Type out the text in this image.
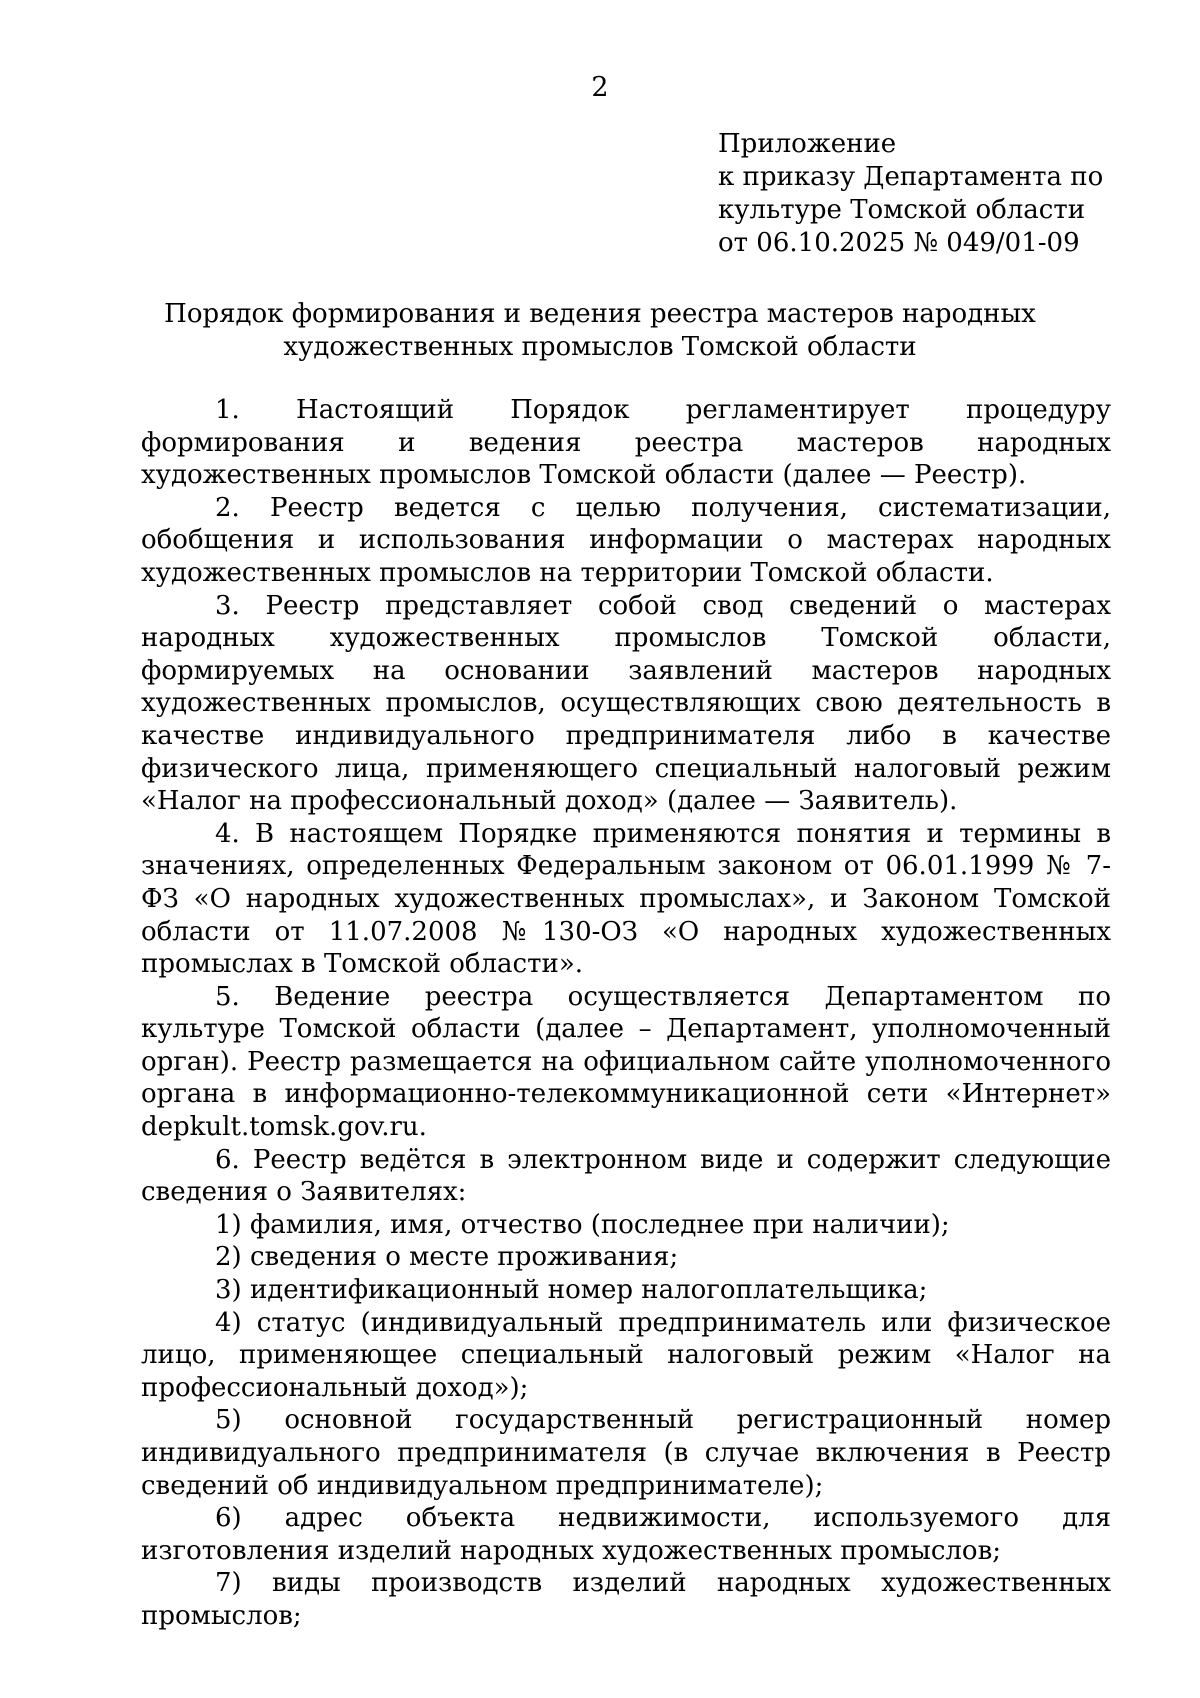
2
Приложение
к приказу Департамента по
культуре Томской области
от 06.10.2025 № 049/01-09
Порядок формирования и ведения реестра мастеров народных
художественных промыслов Томской области

1. Настоящий Порядок регламентирует процедуру формирования и ведения реестра мастеров народных художественных промыслов Томской области (далее — Реестр).

2. Реестр ведется с целью получения, систематизации, обобщения и использования информации о мастерах народных художественных промыслов на территории Томской области.

3. Реестр представляет собой свод сведений о мастерах народных художественных промыслов Томской области, формируемых на основании заявлений мастеров народных художественных промыслов, осуществляющих свою деятельность в качестве индивидуального предпринимателя либо в качестве физического лица, применяющего специальный налоговый режим «Налог на профессиональный доход» (далее — Заявитель).

4. В настоящем Порядке применяются понятия и термины в значениях, определенных Федеральным законом от 06.01.1999 № 7-ФЗ «О народных художественных промыслах», и Законом Томской области от 11.07.2008 №130-ОЗ «О народных художественных промыслах в Томской области».

5. Ведение реестра осуществляется Департаментом по культуре Томской области (далее – Департамент, уполномоченный орган). Реестр размещается на официальном сайте уполномоченного органа в информационно-телекоммуникационной сети «Интернет» depkult.tomsk.gov.ru.

6. Реестр ведётся в электронном виде и содержит следующие сведения о Заявителях:

1) фамилия, имя, отчество (последнее при наличии);

2) сведения о месте проживания;

3) идентификационный номер налогоплательщика;

4) статус (индивидуальный предприниматель или физическое лицо, применяющее специальный налоговый режим «Налог на профессиональный доход»);

5) основной государственный регистрационный номер индивидуального предпринимателя (в случае включения в Реестр сведений об индивидуальном предпринимателе);

6) адрес объекта недвижимости, используемого для изготовления изделий народных художественных промыслов;

7) виды производств изделий народных художественных промыслов;
